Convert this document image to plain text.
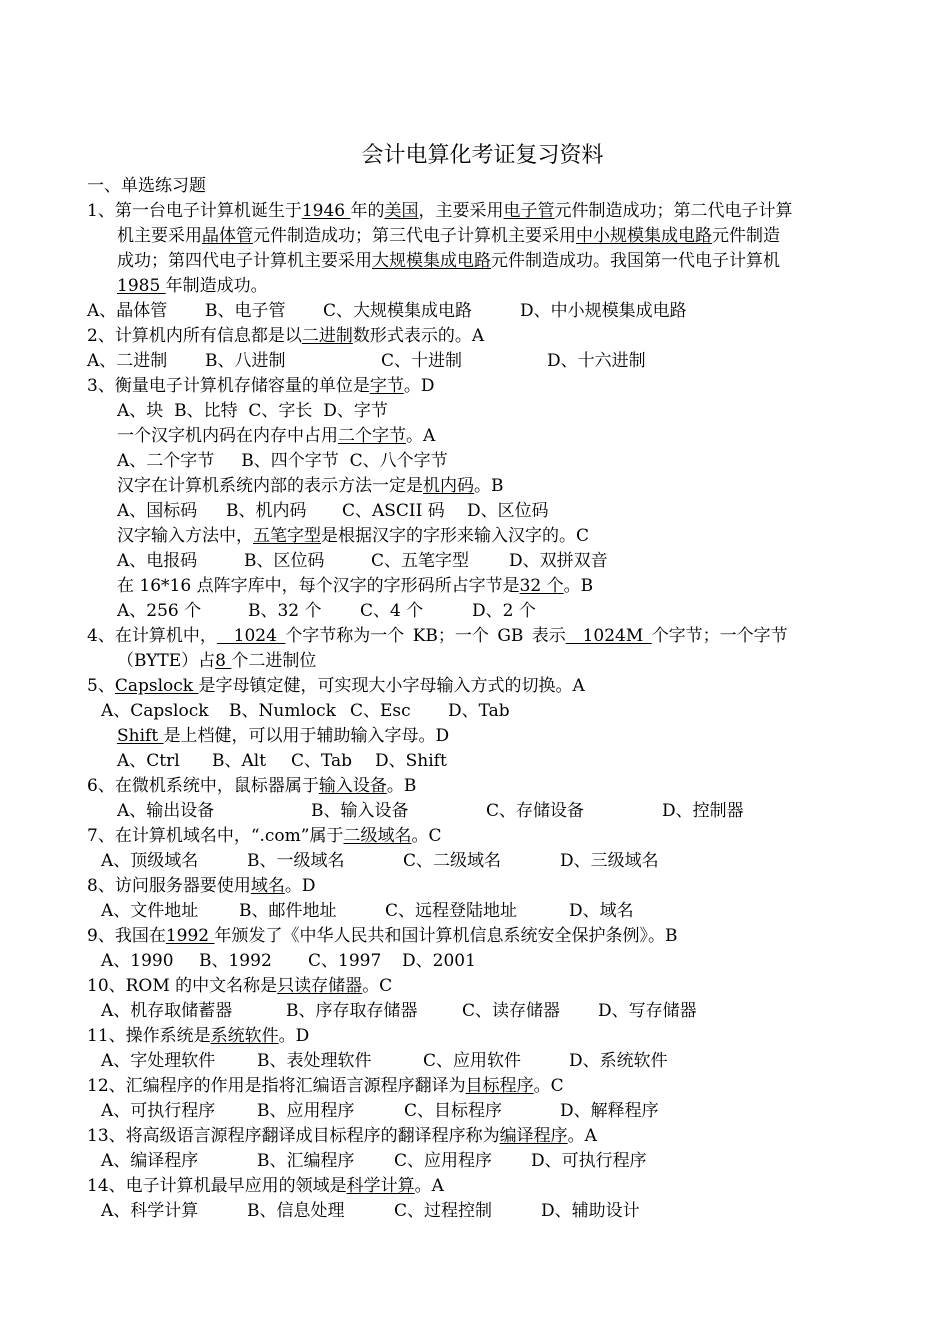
会计电算化考证复习资料
一、单选练习题
1、第一台电子计算机诞生于1946 年的美国，主要采用电子管元件制造成功；第二代电子计算
机主要采用晶体管元件制造成功；第三代电子计算机主要采用中小规模集成电路元件制造
成功；第四代电子计算机主要采用大规模集成电路元件制造成功。我国第一代电子计算机
1985 年制造成功。
A、晶体管 B、电子管 C、大规模集成电路	D、中小规模集成电路
2、计算机内所有信息都是以二进制数形式表示的。A
A、二进制 B、八进制	C、十进制	D、十六进制
3、衡量电子计算机存储容量的单位是字节。D
A、块  B、比特  C、字长  D、字节
一个汉字机内码在内存中占用二个字节。A
A、二个字节     B、四个字节  C、八个字节
汉字在计算机系统内部的表示方法一定是机内码。B
A、国标码 B、机内码 C、ASCII 码 D、区位码
汉字输入方法中，五笔字型是根据汉字的字形来输入汉字的。C
A、电报码	B、区位码	C、五笔字型 D、双拼双音
在 16*16 点阵字库中，每个汉字的字形码所占字节是32 个。B
A、256 个	B、32 个 C、4 个	D、2 个
4、在计算机中，  1024 个字节称为一个 KB；一个 GB 表示  1024M 个字节；一个字节
（BYTE）占8 个二进制位
5、Capslock 是字母镇定健，可实现大小字母输入方式的切换。A
A、Capslock B、Numlock C、Esc D、Tab
Shift 是上档健，可以用于辅助输入字母。D
A、Ctrl B、Alt C、Tab D、Shift
6、在微机系统中，鼠标器属于输入设备。B
A、输出设备	B、输入设备	C、存储设备	D、控制器
7、在计算机域名中，“.com”属于二级域名。C
A、顶级域名	B、一级域名	C、二级域名	D、三级域名
8、访问服务器要使用域名。D
A、文件地址 B、邮件地址	C、远程登陆地址	D、域名
9、我国在1992 年颁发了《中华人民共和国计算机信息系统安全保护条例》。B
A、1990 B、1992 C、1997 D、2001
10、ROM 的中文名称是只读存储器。C
A、机存取储蓄器	B、序存取存储器	C、读存储器 D、写存储器
11、操作系统是系统软件。D
A、字处理软件 B、表处理软件	C、应用软件	D、系统软件
12、汇编程序的作用是指将汇编语言源程序翻译为目标程序。C
A、可执行程序 B、应用程序	C、目标程序	D、解释程序
13、将高级语言源程序翻译成目标程序的翻译程序称为编译程序。A
A、编译程序	B、汇编程序 C、应用程序 D、可执行程序
14、电子计算机最早应用的领域是科学计算。A
A、科学计算	B、信息处理	C、过程控制	D、辅助设计
